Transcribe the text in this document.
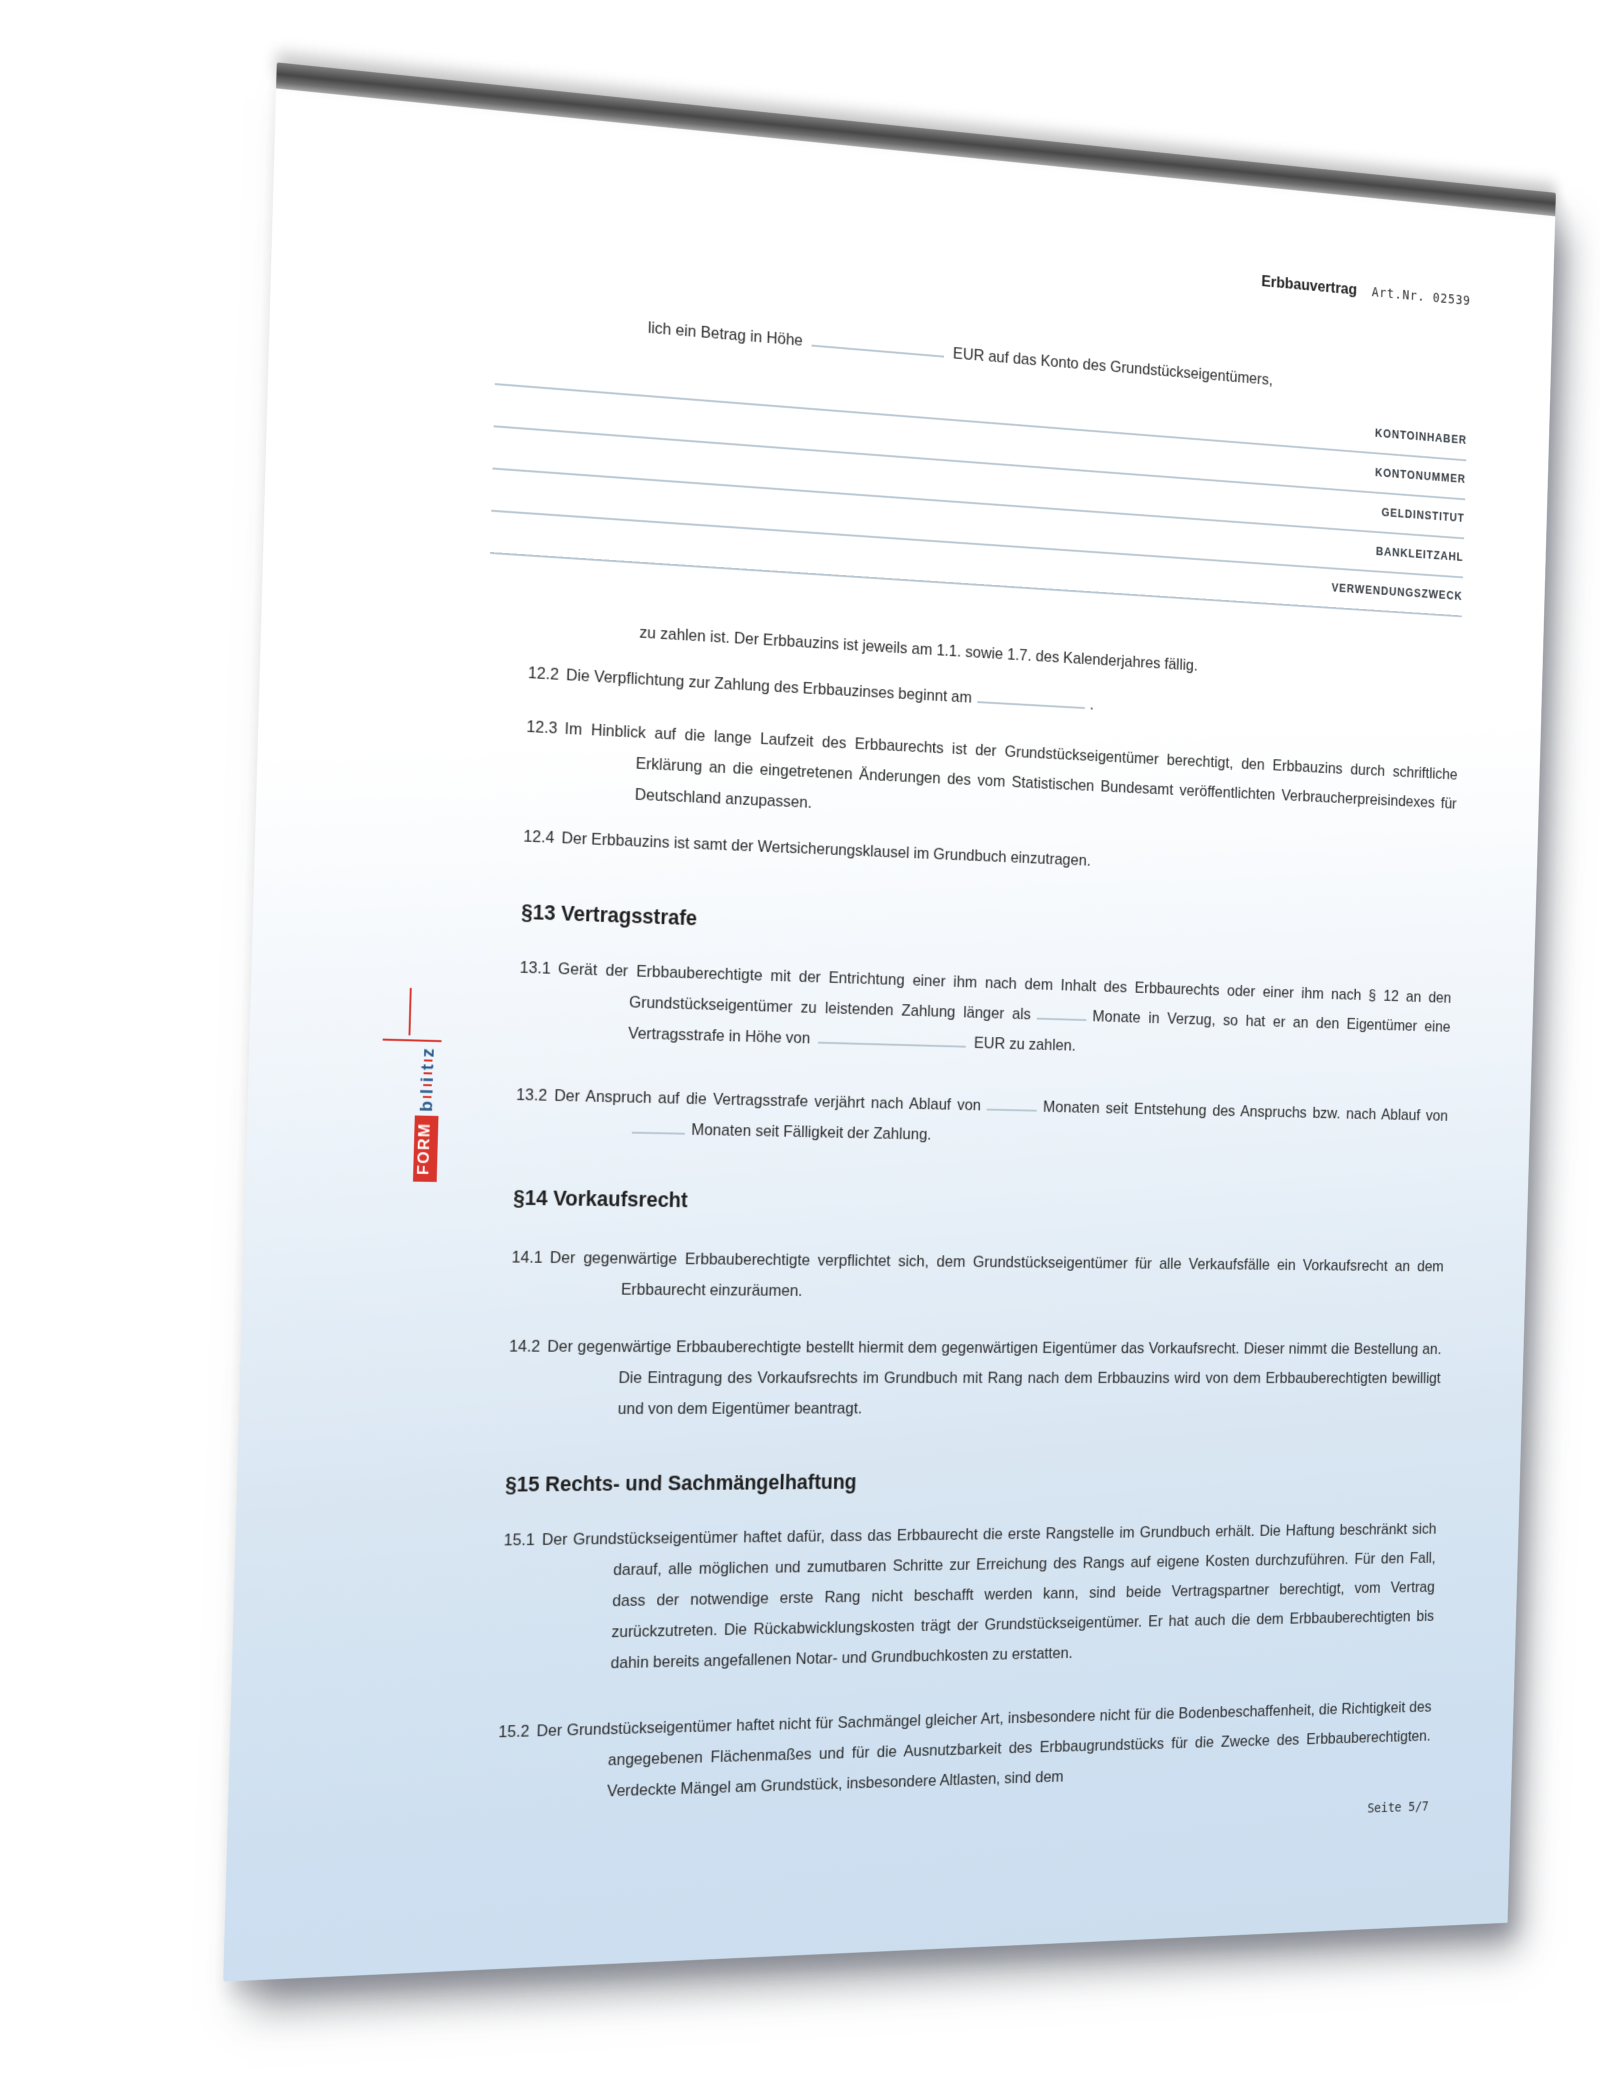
Erbbauvertrag Art.Nr. 02539
lich ein Betrag in HöheEUR auf das Konto des Grundstückseigentümers,
KONTOINHABER
KONTONUMMER
GELDINSTITUT
BANKLEITZAHL
VERWENDUNGSZWECK
zu zahlen ist. Der Erbbauzins ist jeweils am 1.1. sowie 1.7. des Kalenderjahres fällig.
12.2 Die Verpflichtung zur Zahlung des Erbbauzinses beginnt am	.
12.3 Im Hinblick auf die lange Laufzeit des Erbbaurechts ist der Grundstückseigentümer berechtigt, den Erbbauzins durch schriftliche Erklärung an die eingetretenen Änderungen des vom Statistischen Bundesamt veröffentlichten Verbraucherpreisindexes für Deutschland anzupassen.
12.4 Der Erbbauzins ist samt der Wertsicherungsklausel im Grundbuch einzutragen.
§13 Vertragsstrafe
13.1 Gerät der Erbbauberechtigte mit der Entrichtung einer ihm nach dem Inhalt des Erbbaurechts oder einer ihm nach § 12 an den Grundstückseigentümer zu leistenden Zahlung länger als	Monate in Verzug, so hat er an den Eigentümer eine Vertragsstrafe in Höhe von	EUR zu zahlen.
13.2 Der Anspruch auf die Vertragsstrafe verjährt nach Ablauf von	Monaten seit Entstehung des Anspruchs bzw. nach Ablauf vonMonaten seit Fälligkeit der Zahlung.
§14 Vorkaufsrecht
14.1 Der gegenwärtige Erbbauberechtigte verpflichtet sich, dem Grundstückseigentümer für alle Verkaufsfälle ein Vorkaufsrecht an dem Erbbaurecht einzuräumen.
14.2 Der gegenwärtige Erbbauberechtigte bestellt hiermit dem gegenwärtigen Eigentümer das Vorkaufsrecht. Dieser nimmt die Bestellung an. Die Eintragung des Vorkaufsrechts im Grundbuch mit Rang nach dem Erbbauzins wird von dem Erbbauberechtigten bewilligt und von dem Eigentümer beantragt.
§15 Rechts- und Sachmängelhaftung
15.1 Der Grundstückseigentümer haftet dafür, dass das Erbbaurecht die erste Rangstelle im Grundbuch erhält. Die Haftung beschränkt sich darauf, alle möglichen und zumutbaren Schritte zur Erreichung des Rangs auf eigene Kosten durchzuführen. Für den Fall, dass der notwendige erste Rang nicht beschafft werden kann, sind beide Vertragspartner berechtigt, vom Vertrag zurückzutreten. Die Rückabwicklungskosten trägt der Grundstückseigentümer. Er hat auch die dem Erbbauberechtigten bis dahin bereits angefallenen Notar- und Grundbuchkosten zu erstatten.
15.2 Der Grundstückseigentümer haftet nicht für Sachmängel gleicher Art, insbesondere nicht für die Bodenbeschaffenheit, die Richtigkeit des angegebenen Flächenmaßes und für die Ausnutzbarkeit des Erbbaugrundstücks für die Zwecke des Erbbauberechtigten. Verdeckte Mängel am Grundstück, insbesondere Altlasten, sind dem
Seite 5/7
FORM
b
l
i
t
z
